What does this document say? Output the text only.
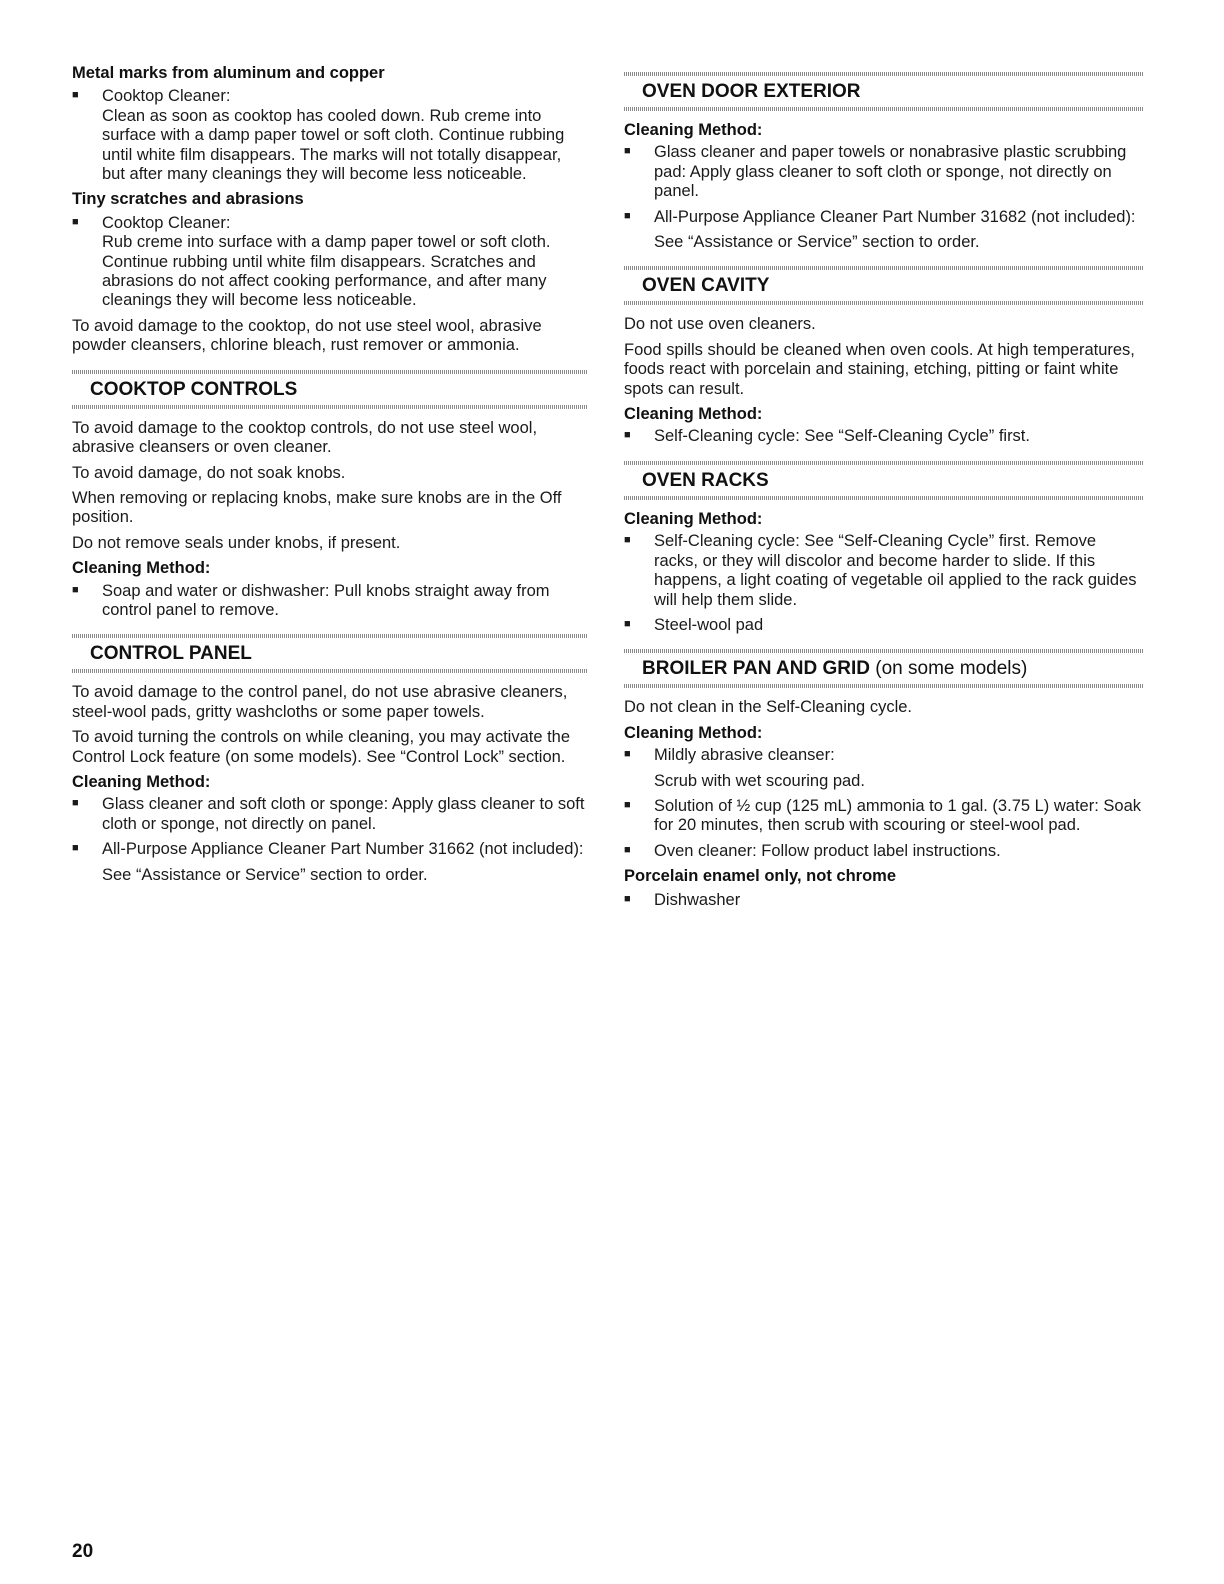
Metal marks from aluminum and copper
■ Cooktop Cleaner:
Clean as soon as cooktop has cooled down. Rub creme into surface with a damp paper towel or soft cloth. Continue rubbing until white film disappears. The marks will not totally disappear, but after many cleanings they will become less noticeable.
Tiny scratches and abrasions
■ Cooktop Cleaner:
Rub creme into surface with a damp paper towel or soft cloth. Continue rubbing until white film disappears. Scratches and abrasions do not affect cooking performance, and after many cleanings they will become less noticeable.

To avoid damage to the cooktop, do not use steel wool, abrasive powder cleansers, chlorine bleach, rust remover or ammonia.

COOKTOP CONTROLS

To avoid damage to the cooktop controls, do not use steel wool, abrasive cleansers or oven cleaner.

To avoid damage, do not soak knobs.

When removing or replacing knobs, make sure knobs are in the Off position.

Do not remove seals under knobs, if present.

Cleaning Method:
■ Soap and water or dishwasher: Pull knobs straight away from control panel to remove.
CONTROL PANEL

To avoid damage to the control panel, do not use abrasive cleaners, steel-wool pads, gritty washcloths or some paper towels.

To avoid turning the controls on while cleaning, you may activate the Control Lock feature (on some models). See “Control Lock” section.

Cleaning Method:
■ Glass cleaner and soft cloth or sponge: Apply glass cleaner to soft cloth or sponge, not directly on panel.
■ All-Purpose Appliance Cleaner Part Number 31662 (not included):

See “Assistance or Service” section to order.

OVEN DOOR EXTERIOR
Cleaning Method:
■ Glass cleaner and paper towels or nonabrasive plastic scrubbing pad: Apply glass cleaner to soft cloth or sponge, not directly on panel.
■ All-Purpose Appliance Cleaner Part Number 31682 (not included):

See “Assistance or Service” section to order.

OVEN CAVITY

Do not use oven cleaners.

Food spills should be cleaned when oven cools. At high temperatures, foods react with porcelain and staining, etching, pitting or faint white spots can result.

Cleaning Method:
■ Self-Cleaning cycle: See “Self-Cleaning Cycle” first.
OVEN RACKS
Cleaning Method:
■ Self-Cleaning cycle: See “Self-Cleaning Cycle” first. Remove racks, or they will discolor and become harder to slide. If this happens, a light coating of vegetable oil applied to the rack guides will help them slide.
■ Steel-wool pad
BROILER PAN AND GRID (on some models)

Do not clean in the Self-Cleaning cycle.

Cleaning Method:
■ Mildly abrasive cleanser:

Scrub with wet scouring pad.

■ Solution of ½ cup (125 mL) ammonia to 1 gal. (3.75 L) water: Soak for 20 minutes, then scrub with scouring or steel-wool pad.
■ Oven cleaner: Follow product label instructions.
Porcelain enamel only, not chrome
■ Dishwasher
20
